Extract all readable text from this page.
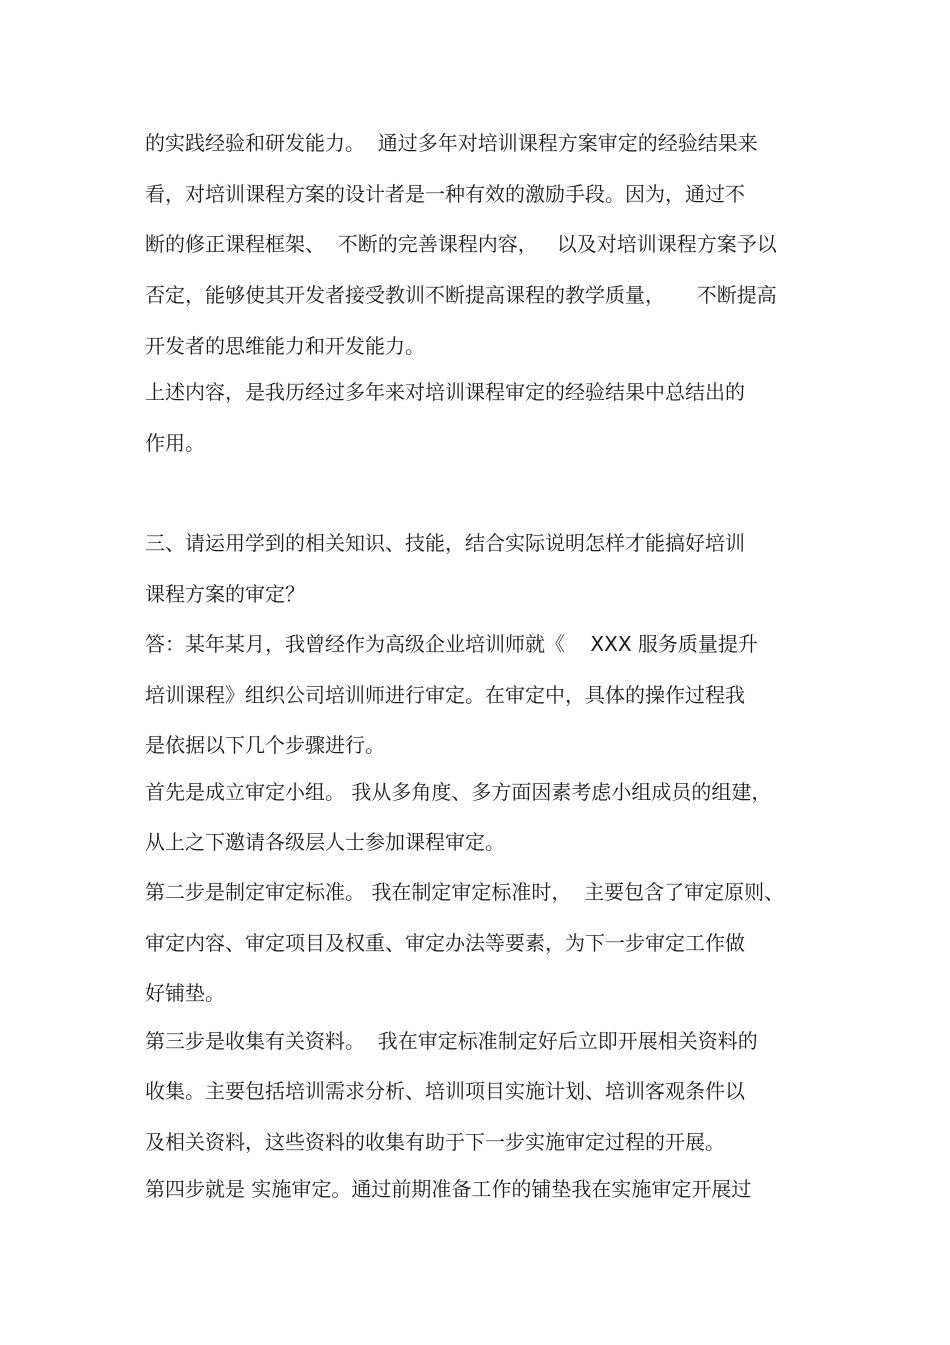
的实践经验和研发能力。  通过多年对培训课程方案审定的经验结果来
看，对培训课程方案的设计者是一种有效的激励手段。因为，通过不
断的修正课程框架、  不断的完善课程内容，   以及对培训课程方案予以
否定，能够使其开发者接受教训不断提高课程的教学质量，     不断提高
开发者的思维能力和开发能力。
上述内容，是我历经过多年来对培训课程审定的经验结果中总结出的
作用。
三、请运用学到的相关知识、技能，结合实际说明怎样才能搞好培训
课程方案的审定？
答：某年某月，我曾经作为高级企业培训师就《    XXX 服务质量提升
培训课程》组织公司培训师进行审定。在审定中，具体的操作过程我
是依据以下几个步骤进行。
首先是成立审定小组。 我从多角度、多方面因素考虑小组成员的组建，
从上之下邀请各级层人士参加课程审定。
第二步是制定审定标准。 我在制定审定标准时，  主要包含了审定原则、
审定内容、审定项目及权重、审定办法等要素，为下一步审定工作做
好铺垫。
第三步是收集有关资料。  我在审定标准制定好后立即开展相关资料的
收集。主要包括培训需求分析、培训项目实施计划、培训客观条件以
及相关资料，这些资料的收集有助于下一步实施审定过程的开展。
第四步就是 实施审定。通过前期准备工作的铺垫我在实施审定开展过
